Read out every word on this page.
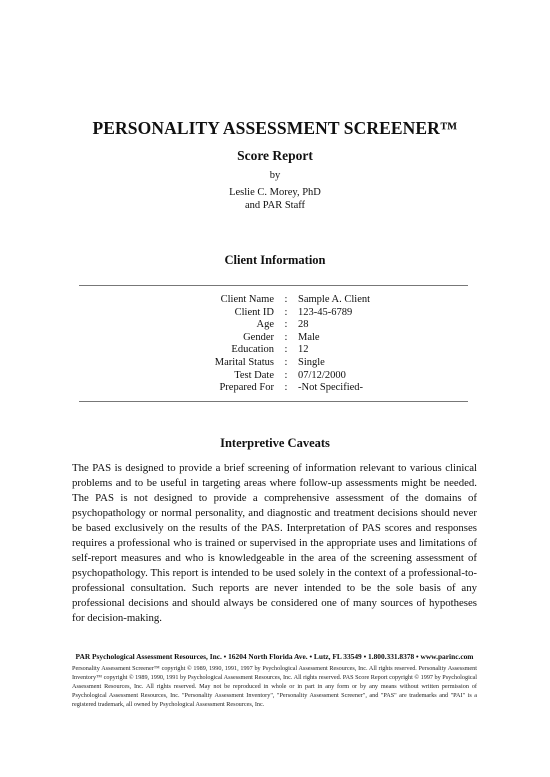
PERSONALITY ASSESSMENT SCREENER™
Score Report
by
Leslie C. Morey, PhD
and PAR Staff
Client Information
Client Name	:	Sample A. Client
Client ID	:	123-45-6789
Age	:	28
Gender	:	Male
Education	:	12
Marital Status	:	Single
Test Date	:	07/12/2000
Prepared For	:	-Not Specified-
Interpretive Caveats
The PAS is designed to provide a brief screening of information relevant to various clinical problems and to be useful in targeting areas where follow-up assessments might be needed. The PAS is not designed to provide a comprehensive assessment of the domains of psychopathology or normal personality, and diagnostic and treatment decisions should never be based exclusively on the results of the PAS. Interpretation of PAS scores and responses requires a professional who is trained or supervised in the appropriate uses and limitations of self-report measures and who is knowledgeable in the area of the screening assessment of psychopathology. This report is intended to be used solely in the context of a professional-to-professional consultation. Such reports are never intended to be the sole basis of any professional decisions and should always be considered one of many sources of hypotheses for decision-making.
PAR Psychological Assessment Resources, Inc. • 16204 North Florida Ave. • Lutz, FL 33549 • 1.800.331.8378 • www.parinc.com
Personality Assessment Screener™ copyright © 1989, 1990, 1991, 1997 by Psychological Assessment Resources, Inc. All rights reserved. Personality Assessment Inventory™ copyright © 1989, 1990, 1991 by Psychological Assessment Resources, Inc. All rights reserved. PAS Score Report copyright © 1997 by Psychological Assessment Resources, Inc. All rights reserved. May not be reproduced in whole or in part in any form or by any means without written permission of Psychological Assessment Resources, Inc. "Personality Assessment Inventory", "Personality Assessment Screener", and "PAS" are trademarks and "PAI" is a registered trademark, all owned by Psychological Assessment Resources, Inc.
